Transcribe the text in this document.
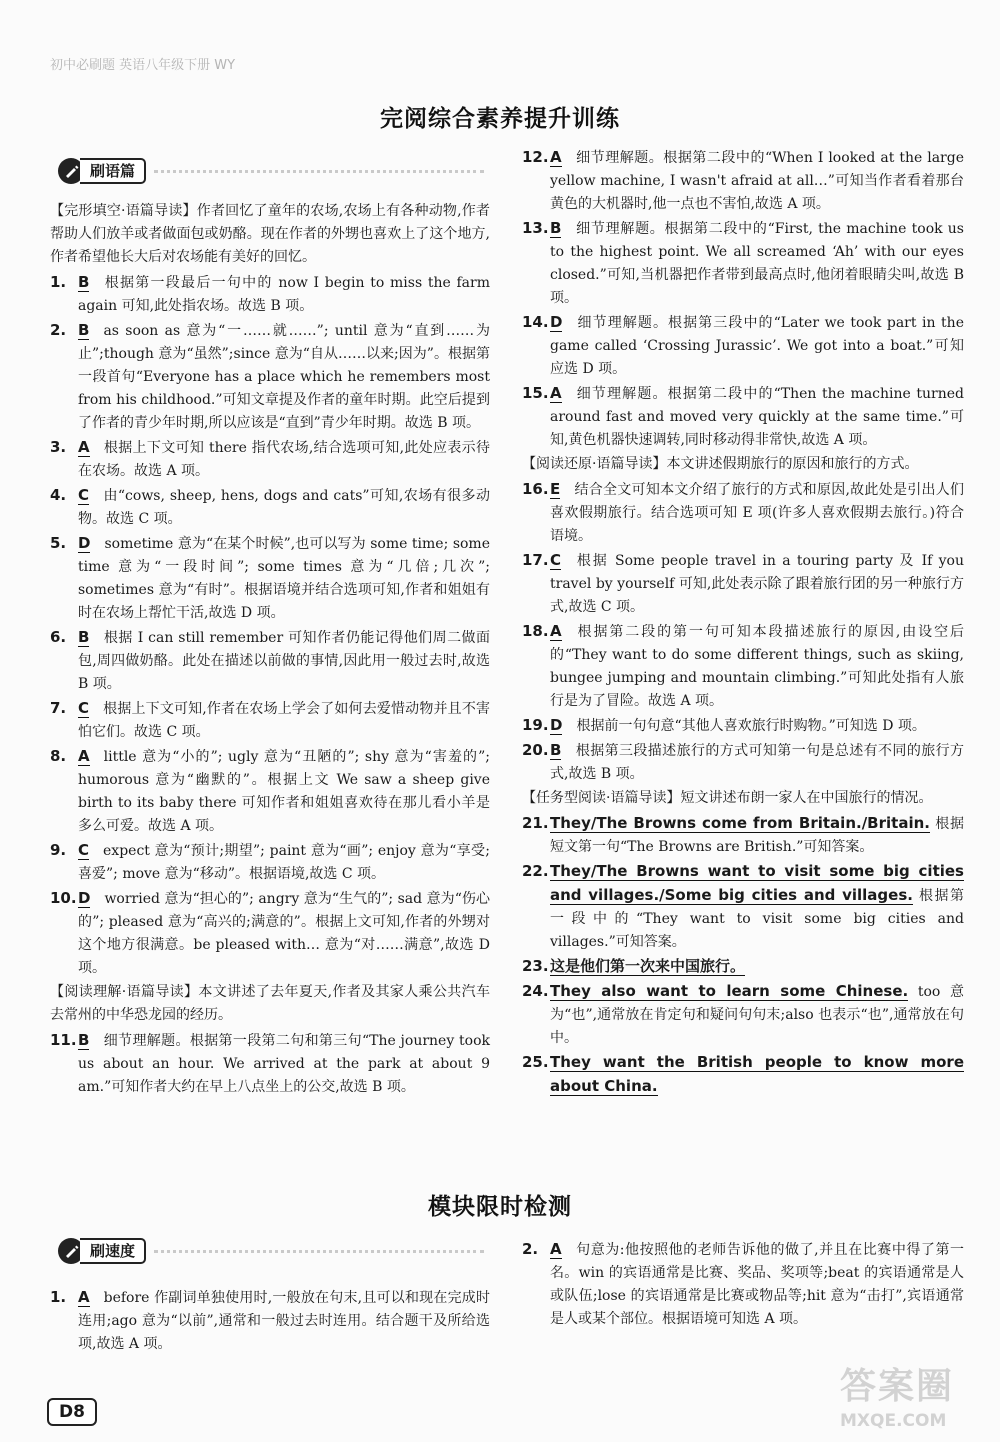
初中必刷题 英语八年级下册 WY
完阅综合素养提升训练
刷语篇
【完形填空·语篇导读】作者回忆了童年的农场,农场上有各种动物,作者帮助人们放羊或者做面包或奶酪。现在作者的外甥也喜欢上了这个地方,作者希望他长大后对农场能有美好的回忆。
1. B  根据第一段最后一句中的 now I begin to miss the farm again 可知,此处指农场。故选 B 项。
2. B  as soon as 意为“一……就……”; until 意为“直到……为止”;though 意为“虽然”;since 意为“自从……以来;因为”。根据第一段首句“Everyone has a place which he remembers most from his childhood.”可知文章提及作者的童年时期。此空后提到了作者的青少年时期,所以应该是“直到”青少年时期。故选 B 项。
3. A  根据上下文可知 there 指代农场,结合选项可知,此处应表示待在农场。故选 A 项。
4. C  由“cows, sheep, hens, dogs and cats”可知,农场有很多动物。故选 C 项。
5. D  sometime 意为“在某个时候”,也可以写为 some time; some time 意为“一段时间”; some times 意为“几倍;几次”; sometimes 意为“有时”。根据语境并结合选项可知,作者和姐姐有时在农场上帮忙干活,故选 D 项。
6. B  根据 I can still remember 可知作者仍能记得他们周二做面包,周四做奶酪。此处在描述以前做的事情,因此用一般过去时,故选 B 项。
7. C  根据上下文可知,作者在农场上学会了如何去爱惜动物并且不害怕它们。故选 C 项。
8. A  little 意为“小的”; ugly 意为“丑陋的”; shy 意为“害羞的”; humorous 意为“幽默的”。根据上文 We saw a sheep give birth to its baby there 可知作者和姐姐喜欢待在那儿看小羊是多么可爱。故选 A 项。
9. C  expect 意为“预计;期望”; paint 意为“画”; enjoy 意为“享受;喜爱”; move 意为“移动”。根据语境,故选 C 项。
10. D  worried 意为“担心的”; angry 意为“生气的”; sad 意为“伤心的”; pleased 意为“高兴的;满意的”。根据上文可知,作者的外甥对这个地方很满意。be pleased with… 意为“对……满意”,故选 D 项。
【阅读理解·语篇导读】本文讲述了去年夏天,作者及其家人乘公共汽车去常州的中华恐龙园的经历。
11. B  细节理解题。根据第一段第二句和第三句“The journey took us about an hour. We arrived at the park at about 9 am.”可知作者大约在早上八点坐上的公交,故选 B 项。
12. A  细节理解题。根据第二段中的“When I looked at the large yellow machine, I wasn't afraid at all…”可知当作者看着那台黄色的大机器时,他一点也不害怕,故选 A 项。
13. B  细节理解题。根据第二段中的“First, the machine took us to the highest point. We all screamed ‘Ah’ with our eyes closed.”可知,当机器把作者带到最高点时,他闭着眼睛尖叫,故选 B 项。
14. D  细节理解题。根据第三段中的“Later we took part in the game called ‘Crossing Jurassic’. We got into a boat.”可知应选 D 项。
15. A  细节理解题。根据第二段中的“Then the machine turned around fast and moved very quickly at the same time.”可知,黄色机器快速调转,同时移动得非常快,故选 A 项。
【阅读还原·语篇导读】本文讲述假期旅行的原因和旅行的方式。
16. E  结合全文可知本文介绍了旅行的方式和原因,故此处是引出人们喜欢假期旅行。结合选项可知 E 项(许多人喜欢假期去旅行。)符合语境。
17. C  根据 Some people travel in a touring party 及 If you travel by yourself 可知,此处表示除了跟着旅行团的另一种旅行方式,故选 C 项。
18. A  根据第二段的第一句可知本段描述旅行的原因,由设空后的“They want to do some different things, such as skiing, bungee jumping and mountain climbing.”可知此处指有人旅行是为了冒险。故选 A 项。
19. D  根据前一句句意“其他人喜欢旅行时购物。”可知选 D 项。
20. B  根据第三段描述旅行的方式可知第一句是总述有不同的旅行方式,故选 B 项。
【任务型阅读·语篇导读】短文讲述布朗一家人在中国旅行的情况。
21. They/The Browns come from Britain./Britain. 根据短文第一句“The Browns are British.”可知答案。
22. They/The Browns want to visit some big cities and villages./Some big cities and villages. 根据第一段中的“They want to visit some big cities and villages.”可知答案。
23. 这是他们第一次来中国旅行。
24. They also want to learn some Chinese. too 意为“也”,通常放在肯定句和疑问句句末;also 也表示“也”,通常放在句中。
25. They want the British people to know more about China.
模块限时检测
刷速度
1. A  before 作副词单独使用时,一般放在句末,且可以和现在完成时连用;ago 意为“以前”,通常和一般过去时连用。结合题干及所给选项,故选 A 项。
2. A  句意为:他按照他的老师告诉他的做了,并且在比赛中得了第一名。win 的宾语通常是比赛、奖品、奖项等;beat 的宾语通常是人或队伍;lose 的宾语通常是比赛或物品等;hit 意为“击打”,宾语通常是人或某个部位。根据语境可知选 A 项。
D8
答案圈
MXQE.COM
